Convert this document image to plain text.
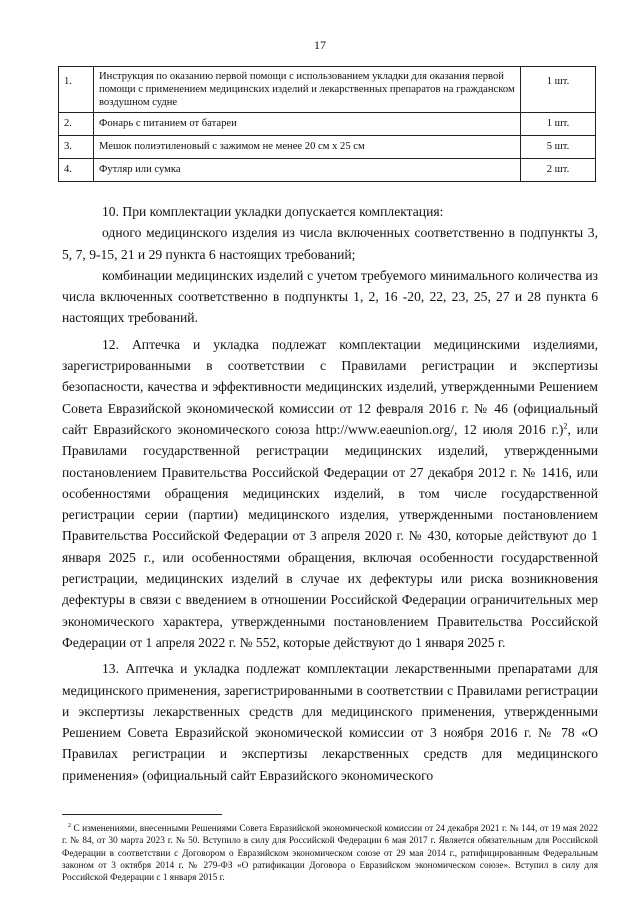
17
1.	Инструкция по оказанию первой помощи с использованием укладки для оказания первой помощи с применением медицинских изделий и лекарственных препаратов на гражданском воздушном судне	1 шт.
2.	Фонарь с питанием от батареи	1 шт.
3.	Мешок полиэтиленовый с зажимом не менее 20 см х 25 см	5 шт.
4.	Футляр или сумка	2 шт.

10. При комплектации укладки допускается комплектация:

одного медицинского изделия из числа включенных соответственно в подпункты 3, 5, 7, 9-15, 21 и 29 пункта 6 настоящих требований;

комбинации медицинских изделий с учетом требуемого минимального количества из числа включенных соответственно в подпункты 1, 2, 16 -20, 22, 23, 25, 27 и 28 пункта 6 настоящих требований.

12. Аптечка и укладка подлежат комплектации медицинскими изделиями, зарегистрированными в соответствии с Правилами регистрации и экспертизы безопасности, качества и эффективности медицинских изделий, утвержденными Решением Совета Евразийской экономической комиссии от 12 февраля 2016 г. № 46 (официальный сайт Евразийского экономического союза http://www.eaeunion.org/, 12 июля 2016 г.)$^2$, или Правилами государственной регистрации медицинских изделий, утвержденными постановлением Правительства Российской Федерации от 27 декабря 2012 г. № 1416, или особенностями обращения медицинских изделий, в том числе государственной регистрации серии (партии) медицинского изделия, утвержденными постановлением Правительства Российской Федерации от 3 апреля 2020 г. № 430, которые действуют до 1 января 2025 г., или особенностями обращения, включая особенности государственной регистрации, медицинских изделий в случае их дефектуры или риска возникновения дефектуры в связи с введением в отношении Российской Федерации ограничительных мер экономического характера, утвержденными постановлением Правительства Российской Федерации от 1 апреля 2022 г. № 552, которые действуют до 1 января 2025 г.

13. Аптечка и укладка подлежат комплектации лекарственными препаратами для медицинского применения, зарегистрированными в соответствии с Правилами регистрации и экспертизы лекарственных средств для медицинского применения, утвержденными Решением Совета Евразийской экономической комиссии от 3 ноября 2016 г. № 78 «О Правилах регистрации и экспертизы лекарственных средств для медицинского применения» (официальный сайт Евразийского экономического

$^2$ С изменениями, внесенными Решениями Совета Евразийской экономической комиссии от 24 декабря 2021 г. № 144, от 19 мая 2022 г. № 84, от 30 марта 2023 г. № 50. Вступило в силу для Российской Федерации 6 мая 2017 г. Является обязательным для Российской Федерации в соответствии с Договором о Евразийском экономическом союзе от 29 мая 2014 г., ратифицированным Федеральным законом от 3 октября 2014 г. № 279-ФЗ «О ратификации Договора о Евразийском экономическом союзе». Вступил в силу для Российской Федерации с 1 января 2015 г.
